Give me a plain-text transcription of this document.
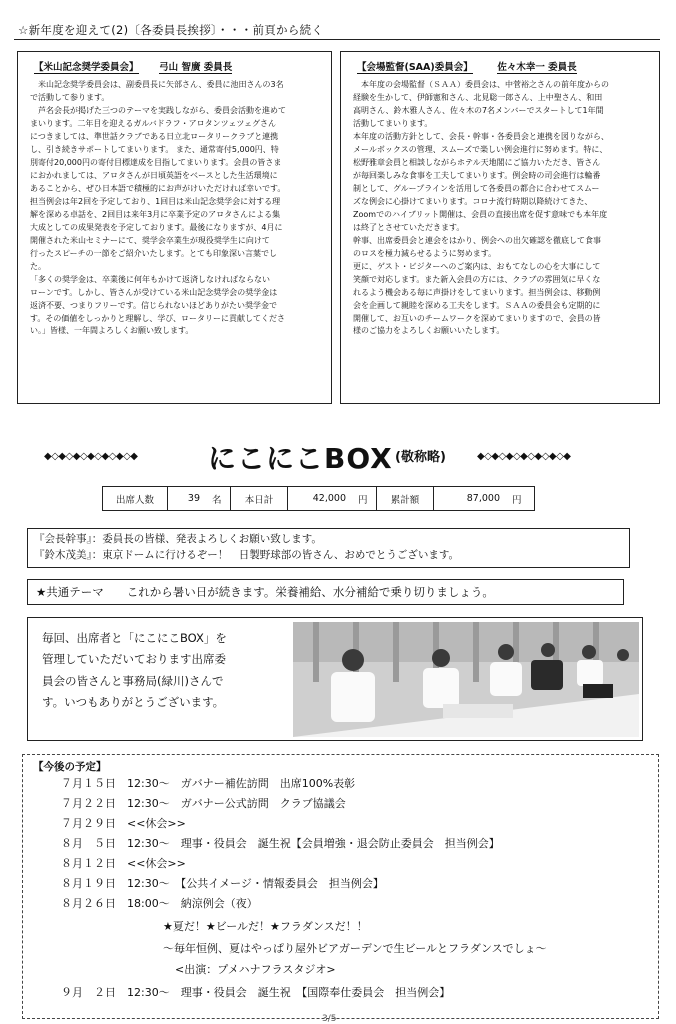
☆新年度を迎えて(2)〔各委員長挨拶〕・・・前頁から続く
【米山記念奨学委員会】 弓山 智廣 委員長

　米山記念奨学委員会は、副委員長に矢部さん、委員に池田さんの3名
で活動して参ります。
　芦名会長が掲げた三つのテーマを実践しながら、委員会活動を進めて
まいります。二年目を迎えるガルバドラフ・アロタンツェツェグさん
につきましては、準世話クラブである日立北ロータリークラブと連携
し、引き続きサポートしてまいります。 また、通常寄付5,000円、特
別寄付20,000円の寄付目標達成を目指してまいります。会員の皆さま
におかれましては、アロタさんが日頃英語をベースとした生活環境に
あることから、ぜひ日本語で積極的にお声がけいただければ幸いです。
担当例会は年2回を予定しており、1回目は米山記念奨学会に対する理
解を深める卓話を、2回目は来年3月に卒業予定のアロタさんによる集
大成としての成果発表を予定しております。最後になりますが、4月に
開催された米山セミナーにて、奨学会卒業生が現役奨学生に向けて
行ったスピーチの一節をご紹介いたします。とても印象深い言葉でし
た。
「多くの奨学金は、卒業後に何年もかけて返済しなければならない
ローンです。しかし、皆さんが受けている米山記念奨学会の奨学金は
返済不要、つまりフリーです。信じられないほどありがたい奨学金で
す。その価値をしっかりと理解し、学び、ロータリーに貢献してくださ
い。」皆様、一年間よろしくお願い致します。

【会場監督(SAA)委員会】	佐々木幸一 委員長

　本年度の会場監督（ＳＡＡ）委員会は、中菅裕之さんの前年度からの
経験を生かして、伊師憲和さん、北見聡一郎さん、上中聖さん、和田
高明さん、鈴木雅人さん、佐々木の7名メンバーでスタートして1年間
活動してまいります。
本年度の活動方針として、会長・幹事・各委員会と連携を図りながら、
メールボックスの管理、スムーズで楽しい例会進行に努めます。特に、
松野雅章会員と相談しながらホテル天地閣にご協力いただき、皆さん
が毎回楽しみな食事を工夫してまいります。例会時の司会進行は輪番
制として、グループラインを活用して各委員の都合に合わせてスムー
ズな例会に心掛けてまいります。コロナ流行時期以降続けてきた、
Zoomでのハイブリット開催は、会員の直接出席を促す意味でも本年度
は終了とさせていただきます。
幹事、出席委員会と連会をはかり、例会への出欠確認を徹底して食事
のロスを極力減らせるように努めます。
更に、ゲスト・ビジターへのご案内は、おもてなしの心を大事にして
笑顔で対応します。また新入会員の方には、クラブの雰囲気に早くな
れるよう機会ある毎に声掛けをしてまいります。担当例会は、移動例
会を企画して親睦を深める工夫をします。ＳＡＡの委員会も定期的に
開催して、お互いのチームワークを深めてまいりますので、会員の皆
様のご協力をよろしくお願いいたします。

◆◇◆◇◆◇◆◇◆◇◆◇◆	にこにこBOX (敬称略)	◆◇◆◇◆◇◆◇◆◇◆◇◆
出席人数	39	名	本日計	42,000	円	累計額	87,000	円
『会長幹事』：委員長の皆様、発表よろしくお願い致します。
『鈴木茂美』：東京ドームに行けるぞー！　日製野球部の皆さん、おめでとうございます。
★共通テーマ　　これから暑い日が続きます。栄養補給、水分補給で乗り切りましょう。
毎回、出席者と「にこにこBOX」を
管理していただいております出席委
員会の皆さんと事務局(緑川)さんで
す。いつもありがとうございます。
【今後の予定】
７月１５日　12:30～　ガバナー補佐訪問　出席100%表彰
７月２２日　12:30～　ガバナー公式訪問　クラブ協議会
７月２９日　<<休会>>
８月　５日　12:30～　理事・役員会　誕生祝【会員増強・退会防止委員会　担当例会】
８月１２日　<<休会>>
８月１９日　12:30～　【公共イメージ・情報委員会　担当例会】
８月２６日　18:00～　納涼例会（夜）
★夏だ！★ビールだ！★フラダンスだ！！
～毎年恒例、夏はやっぱり屋外ビアガーデンで生ビールとフラダンスでしょ～
<出演：プメハナフラスタジオ>
９月　２日　12:30～　理事・役員会　誕生祝　【国際奉仕委員会　担当例会】
3/5
